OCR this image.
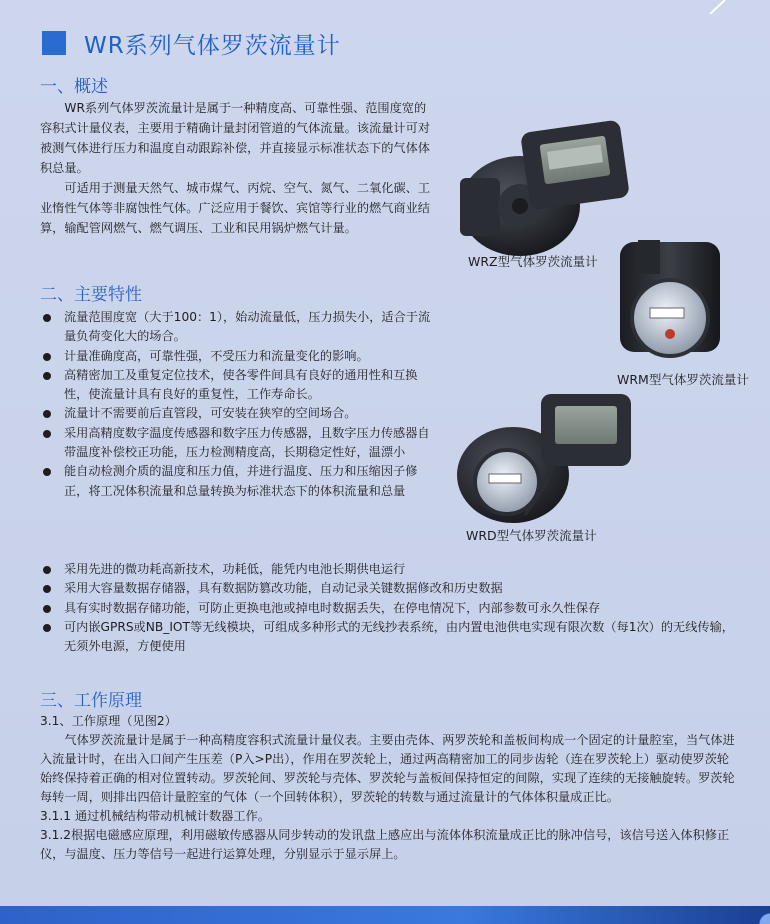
WR系列气体罗茨流量计
一、概述

WR系列气体罗茨流量计是属于一种精度高、可靠性强、范围度宽的容积式计量仪表，主要用于精确计量封闭管道的气体流量。该流量计可对被测气体进行压力和温度自动跟踪补偿，并直接显示标准状态下的气体体积总量。

可适用于测量天然气、城市煤气、丙烷、空气、氮气、二氧化碳、工业惰性气体等非腐蚀性气体。广泛应用于餐饮、宾馆等行业的燃气商业结算，输配管网燃气、燃气调压、工业和民用锅炉燃气计量。

WRZ型气体罗茨流量计
二、主要特性
流量范围度宽（大于100：1），始动流量低，压力损失小，适合于流量负荷变化大的场合。
计量准确度高，可靠性强，不受压力和流量变化的影响。
高精密加工及重复定位技术，使各零件间具有良好的通用性和互换性，使流量计具有良好的重复性，工作寿命长。
流量计不需要前后直管段，可安装在狭窄的空间场合。
采用高精度数字温度传感器和数字压力传感器，且数字压力传感器自带温度补偿校正功能，压力检测精度高，长期稳定性好，温漂小
能自动检测介质的温度和压力值，并进行温度、压力和压缩因子修正，将工况体积流量和总量转换为标准状态下的体积流量和总量
采用先进的微功耗高新技术，功耗低，能凭内电池长期供电运行
采用大容量数据存储器，具有数据防篡改功能，自动记录关键数据修改和历史数据
具有实时数据存储功能，可防止更换电池或掉电时数据丢失，在停电情况下，内部参数可永久性保存
可内嵌GPRS或NB_IOT等无线模块，可组成多种形式的无线抄表系统，由内置电池供电实现有限次数（每1次）的无线传输，无须外电源，方便使用
WRM型气体罗茨流量计
WRD型气体罗茨流量计
三、工作原理
3.1、工作原理（见图2）

气体罗茨流量计是属于一种高精度容积式流量计量仪表。主要由壳体、两罗茨轮和盖板间构成一个固定的计量腔室，当气体进入流量计时，在出入口间产生压差（P入>P出），作用在罗茨轮上，通过两高精密加工的同步齿轮（连在罗茨轮上）驱动使罗茨轮始终保持着正确的相对位置转动。罗茨轮间、罗茨轮与壳体、罗茨轮与盖板间保持恒定的间隙，实现了连续的无接触旋转。罗茨轮每转一周，则排出四倍计量腔室的气体（一个回转体积），罗茨轮的转数与通过流量计的气体体积量成正比。

3.1.1 通过机械结构带动机械计数器工作。
3.1.2根据电磁感应原理，利用磁敏传感器从同步转动的发讯盘上感应出与流体体积流量成正比的脉冲信号，该信号送入体积修正仪，与温度、压力等信号一起进行运算处理，分别显示于显示屏上。
